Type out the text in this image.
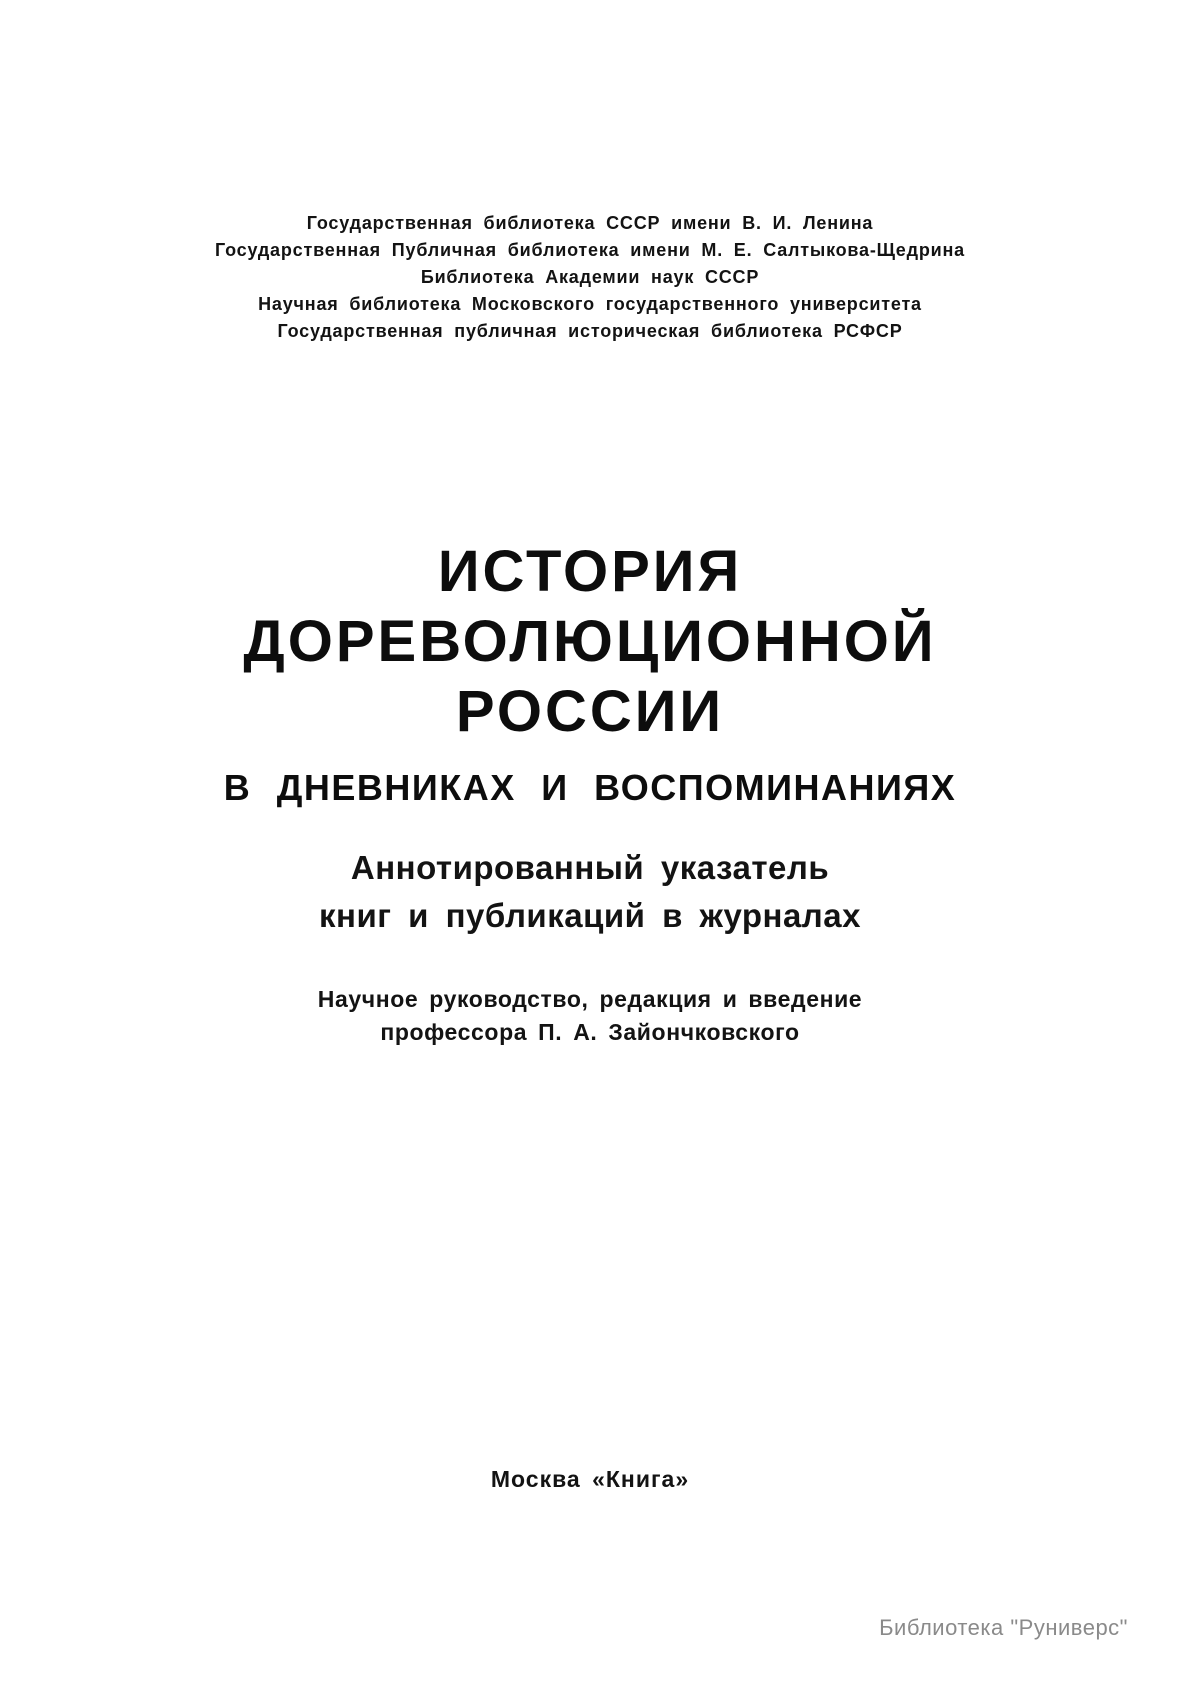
Государственная библиотека СССР имени В. И. Ленина
Государственная Публичная библиотека имени М. Е. Салтыкова-Щедрина
Библиотека Академии наук СССР
Научная библиотека Московского государственного университета
Государственная публичная историческая библиотека РСФСР
ИСТОРИЯ
ДОРЕВОЛЮЦИОННОЙ
РОССИИ
В ДНЕВНИКАХ И ВОСПОМИНАНИЯХ
Аннотированный указатель
книг и публикаций в журналах
Научное руководство, редакция и введение
профессора П. А. Зайончковского
Москва «Книга»
Библиотека "Руниверс"
